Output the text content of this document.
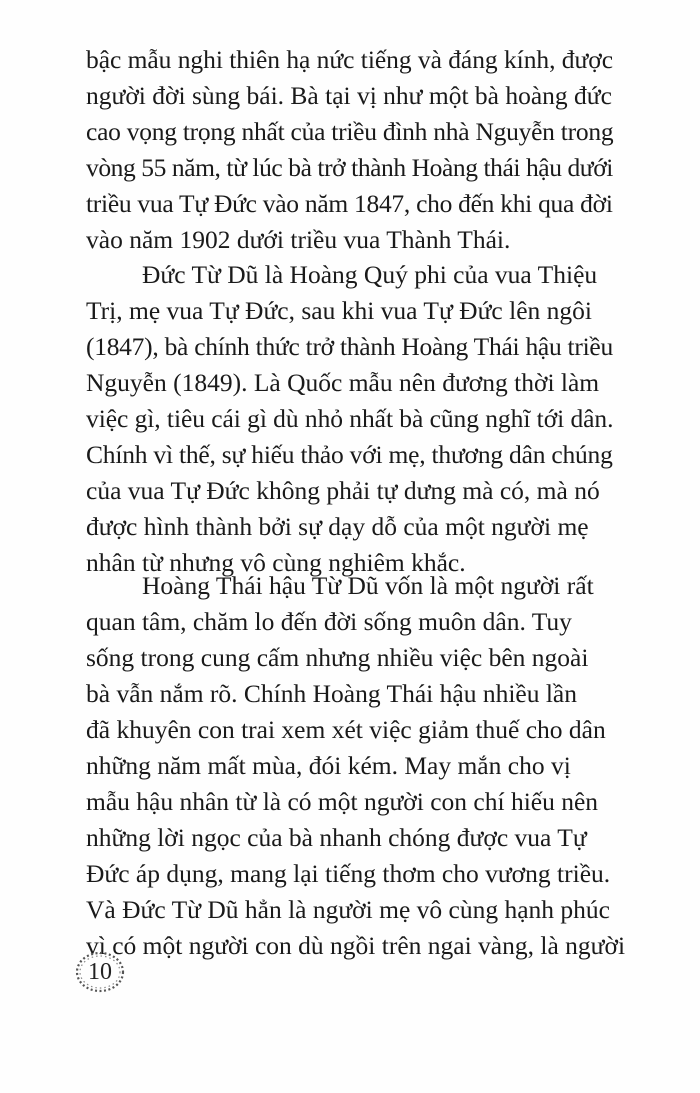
bậc mẫu nghi thiên hạ nức tiếng và đáng kính, được
người đời sùng bái. Bà tại vị như một bà hoàng đức
cao vọng trọng nhất của triều đình nhà Nguyễn trong
vòng 55 năm, từ lúc bà trở thành Hoàng thái hậu dưới
triều vua Tự Đức vào năm 1847, cho đến khi qua đời
vào năm 1902 dưới triều vua Thành Thái.
Đức Từ Dũ là Hoàng Quý phi của vua Thiệu
Trị, mẹ vua Tự Đức, sau khi vua Tự Đức lên ngôi
(1847), bà chính thức trở thành Hoàng Thái hậu triều
Nguyễn (1849). Là Quốc mẫu nên đương thời làm
việc gì, tiêu cái gì dù nhỏ nhất bà cũng nghĩ tới dân.
Chính vì thế, sự hiếu thảo với mẹ, thương dân chúng
của vua Tự Đức không phải tự dưng mà có, mà nó
được hình thành bởi sự dạy dỗ của một người mẹ
nhân từ nhưng vô cùng nghiêm khắc.
Hoàng Thái hậu Từ Dũ vốn là một người rất
quan tâm, chăm lo đến đời sống muôn dân. Tuy
sống trong cung cấm nhưng nhiều việc bên ngoài
bà vẫn nắm rõ. Chính Hoàng Thái hậu nhiều lần
đã khuyên con trai xem xét việc giảm thuế cho dân
những năm mất mùa, đói kém. May mắn cho vị
mẫu hậu nhân từ là có một người con chí hiếu nên
những lời ngọc của bà nhanh chóng được vua Tự
Đức áp dụng, mang lại tiếng thơm cho vương triều.
Và Đức Từ Dũ hẳn là người mẹ vô cùng hạnh phúc
vì có một người con dù ngồi trên ngai vàng, là người
10
